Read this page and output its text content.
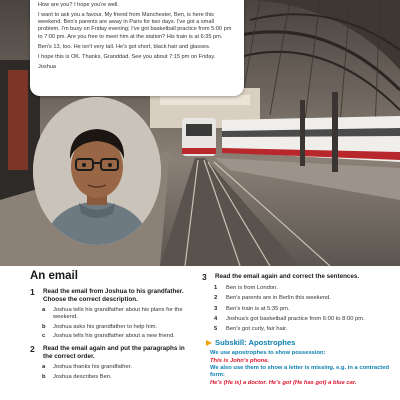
How are you? I hope you're well.

I want to ask you a favour. My friend from Manchester, Ben, is here this weekend. Ben's parents are away in Paris for two days. I've got a small problem. I'm busy on Friday evening; I've got basketball practice from 5:00 pm to 7:00 pm. Are you free to meet him at the station? His train is at 6:35 pm.

Ben's 13, too. He isn't very tall. He's got short, black hair and glasses.

I hope this is OK. Thanks, Granddad. See you about 7:15 pm on Friday.

Joshua

An email
1	Read the email from Joshua to his grandfather. Choose the correct description.
a	Joshua tells his grandfather about his plans for the weekend.
b Joshua asks his grandfather to help him.
c	Joshua tells his grandfather about a new friend.
2	Read the email again and put the paragraphs in the correct order.
a	Joshua thanks his grandfather.
b Joshua describes Ben.
3	Read the email again and correct the sentences.
1 Ben is from London.
2 Ben's parents are in Berlin this weekend.
3 Ben's train is at 5:35 pm.
4 Joshua's got basketball practice from 6:00 to 8:00 pm.
5 Ben's got curly, fair hair.
Subskill: Apostrophes
We use apostrophes to show possession:
This is John's phone.
We also use them to show a letter is missing, e.g. in a contracted form:
He's (He is) a doctor. He's got (He has got) a blue car.
